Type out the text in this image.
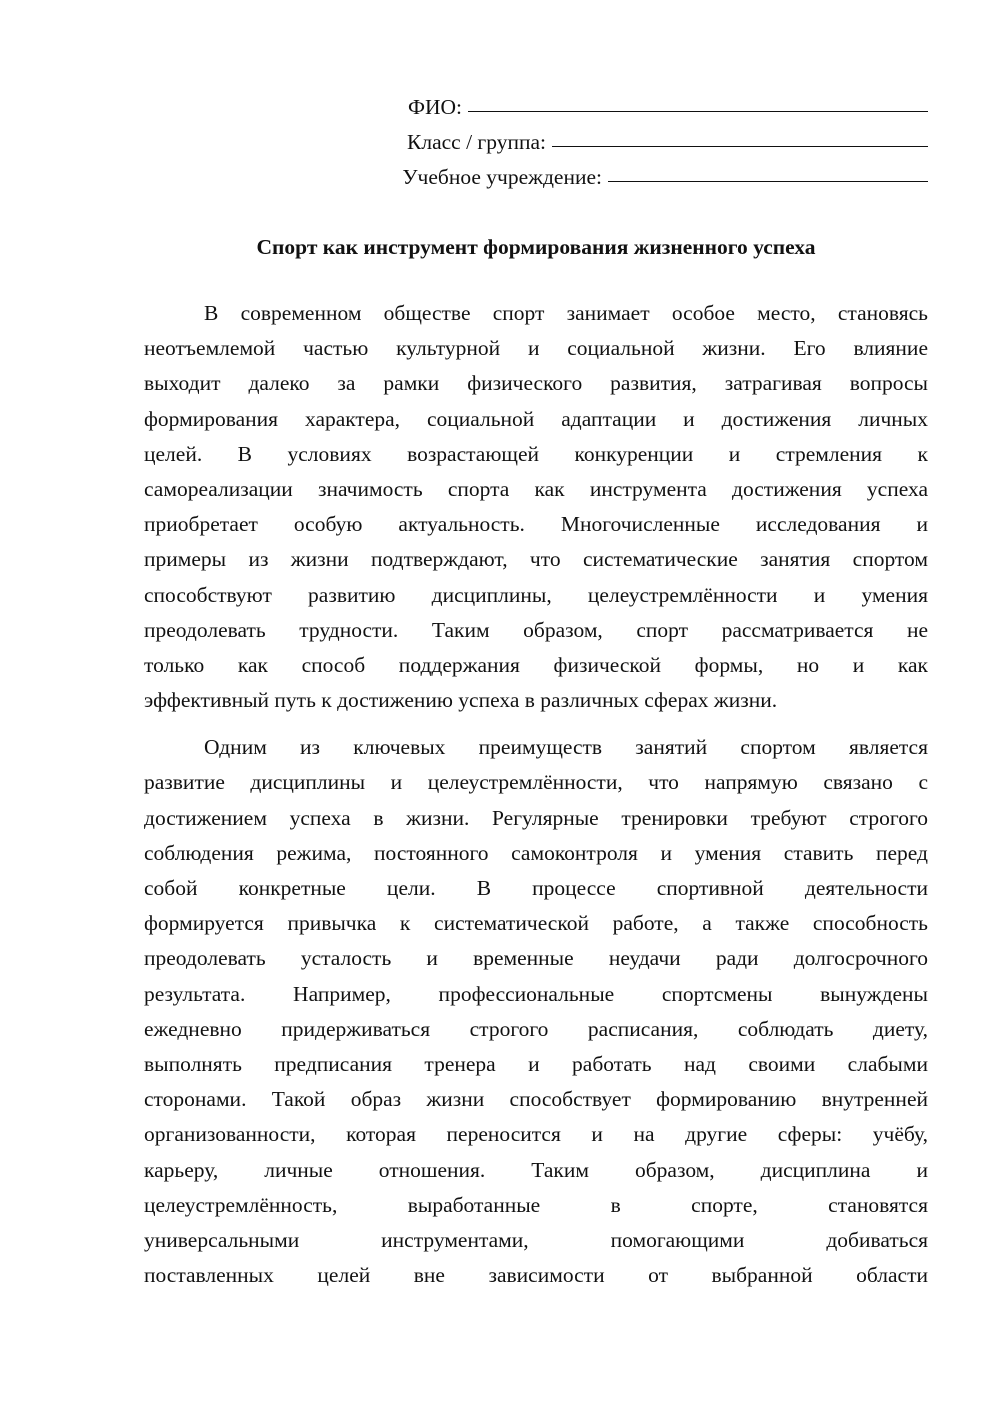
ФИО:
Класс / группа:
Учебное учреждение:
Спорт как инструмент формирования жизненного успеха
В современном обществе спорт занимает особое место, становясь
неотъемлемой частью культурной и социальной жизни. Его влияние
выходит далеко за рамки физического развития, затрагивая вопросы
формирования характера, социальной адаптации и достижения личных
целей. В условиях возрастающей конкуренции и стремления к
самореализации значимость спорта как инструмента достижения успеха
приобретает особую актуальность. Многочисленные исследования и
примеры из жизни подтверждают, что систематические занятия спортом
способствуют развитию дисциплины, целеустремлённости и умения
преодолевать трудности. Таким образом, спорт рассматривается не
только как способ поддержания физической формы, но и как
эффективный путь к достижению успеха в различных сферах жизни.
Одним из ключевых преимуществ занятий спортом является
развитие дисциплины и целеустремлённости, что напрямую связано с
достижением успеха в жизни. Регулярные тренировки требуют строгого
соблюдения режима, постоянного самоконтроля и умения ставить перед
собой конкретные цели. В процессе спортивной деятельности
формируется привычка к систематической работе, а также способность
преодолевать усталость и временные неудачи ради долгосрочного
результата. Например, профессиональные спортсмены вынуждены
ежедневно придерживаться строгого расписания, соблюдать диету,
выполнять предписания тренера и работать над своими слабыми
сторонами. Такой образ жизни способствует формированию внутренней
организованности, которая переносится и на другие сферы: учёбу,
карьеру, личные отношения. Таким образом, дисциплина и
целеустремлённость, выработанные в спорте, становятся
универсальными инструментами, помогающими добиваться
поставленных целей вне зависимости от выбранной области
